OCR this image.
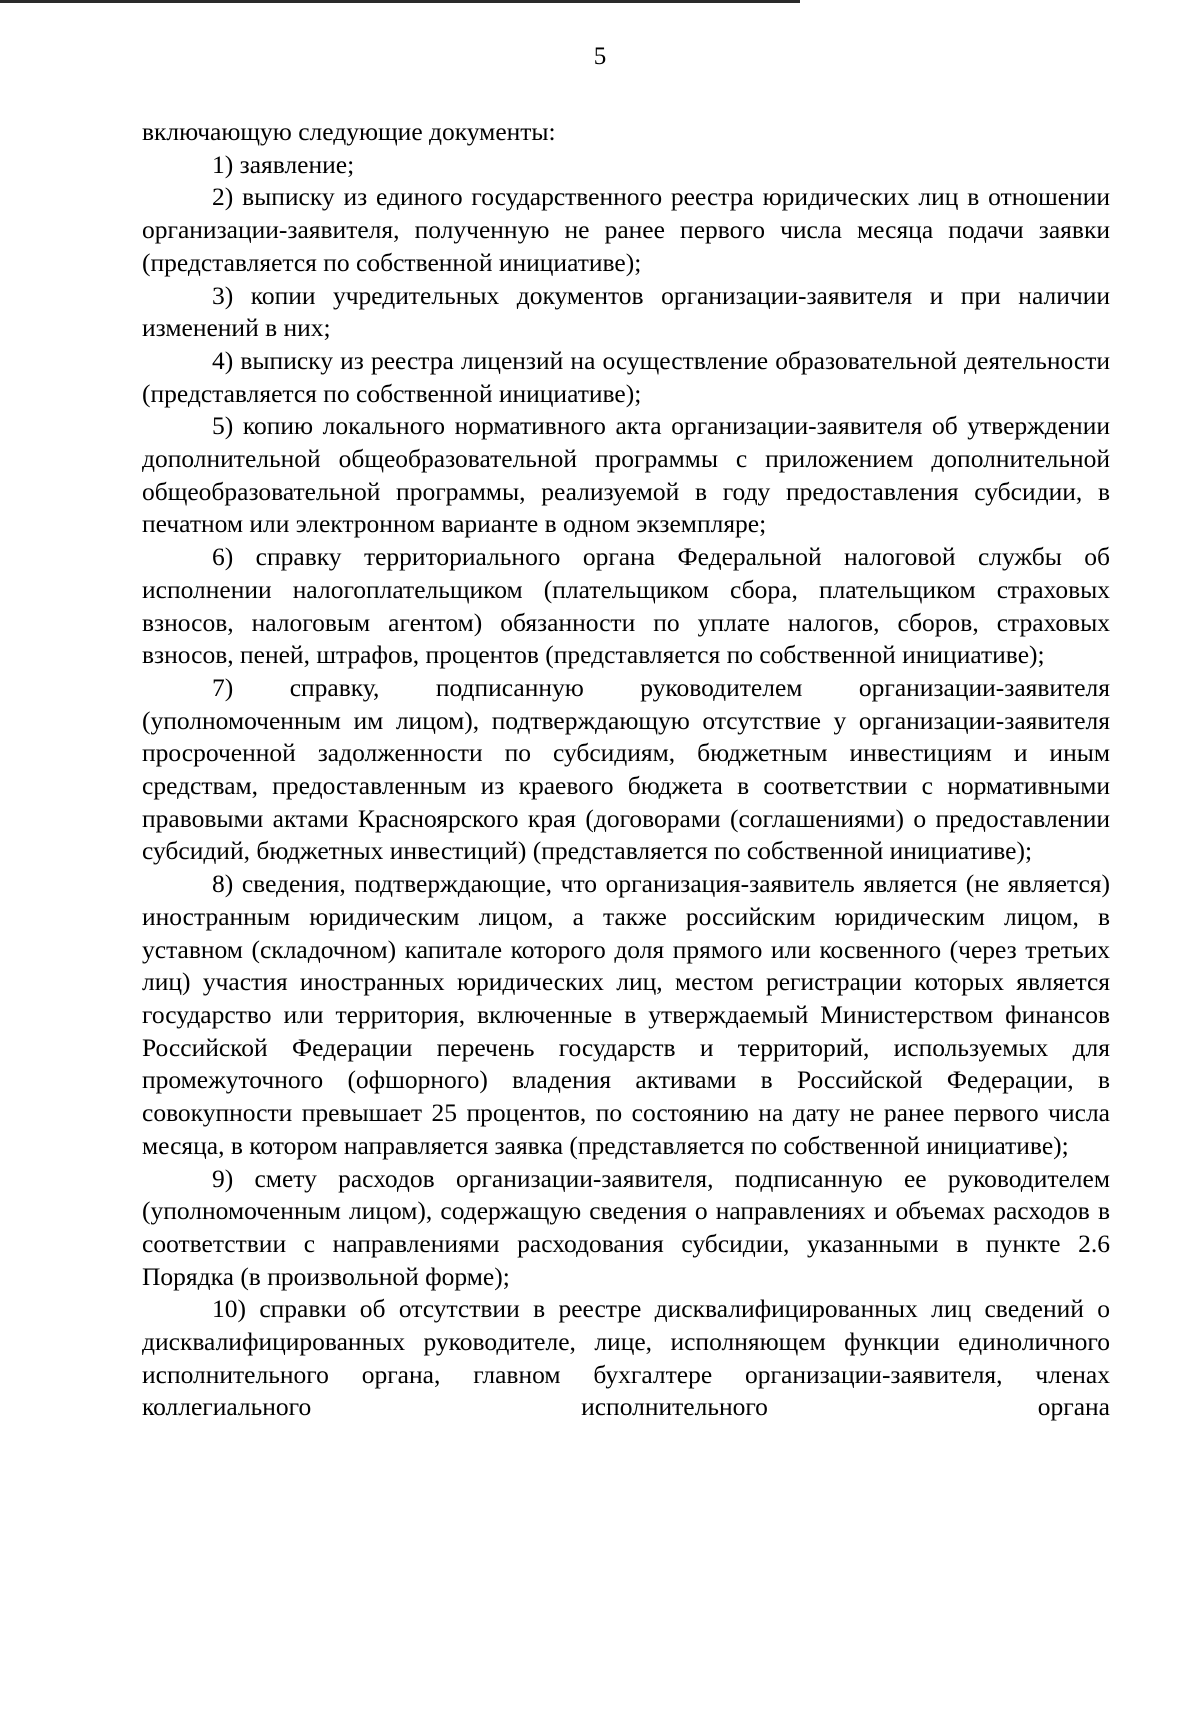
5

включающую следующие документы:

1) заявление;

2) выписку из единого государственного реестра юридических лиц в отношении организации-заявителя, полученную не ранее первого числа месяца подачи заявки (представляется по собственной инициативе);

3) копии учредительных документов организации-заявителя и при наличии изменений в них;

4) выписку из реестра лицензий на осуществление образовательной деятельности (представляется по собственной инициативе);

5) копию локального нормативного акта организации-заявителя об утверждении дополнительной общеобразовательной программы с приложением дополнительной общеобразовательной программы, реализуемой в году предоставления субсидии, в печатном или электронном варианте в одном экземпляре;

6) справку территориального органа Федеральной налоговой службы об исполнении налогоплательщиком (плательщиком сбора, плательщиком страховых взносов, налоговым агентом) обязанности по уплате налогов, сборов, страховых взносов, пеней, штрафов, процентов (представляется по собственной инициативе);

7) справку, подписанную руководителем организации-заявителя (уполномоченным им лицом), подтверждающую отсутствие у организации-заявителя просроченной задолженности по субсидиям, бюджетным инвестициям и иным средствам, предоставленным из краевого бюджета в соответствии с нормативными правовыми актами Красноярского края (договорами (соглашениями) о предоставлении субсидий, бюджетных инвестиций) (представляется по собственной инициативе);

8) сведения, подтверждающие, что организация-заявитель является (не является) иностранным юридическим лицом, а также российским юридическим лицом, в уставном (складочном) капитале которого доля прямого или косвенного (через третьих лиц) участия иностранных юридических лиц, местом регистрации которых является государство или территория, включенные в утверждаемый Министерством финансов Российской Федерации перечень государств и территорий, используемых для промежуточного (офшорного) владения активами в Российской Федерации, в совокупности превышает 25 процентов, по состоянию на дату не ранее первого числа месяца, в котором направляется заявка (представляется по собственной инициативе);

9) смету расходов организации-заявителя, подписанную ее руководителем (уполномоченным лицом), содержащую сведения о направлениях и объемах расходов в соответствии с направлениями расходования субсидии, указанными в пункте 2.6 Порядка (в произвольной форме);

10) справки об отсутствии в реестре дисквалифицированных лиц сведений о дисквалифицированных руководителе, лице, исполняющем функции единоличного исполнительного органа, главном бухгалтере организации-заявителя, членах коллегиального исполнительного органа
